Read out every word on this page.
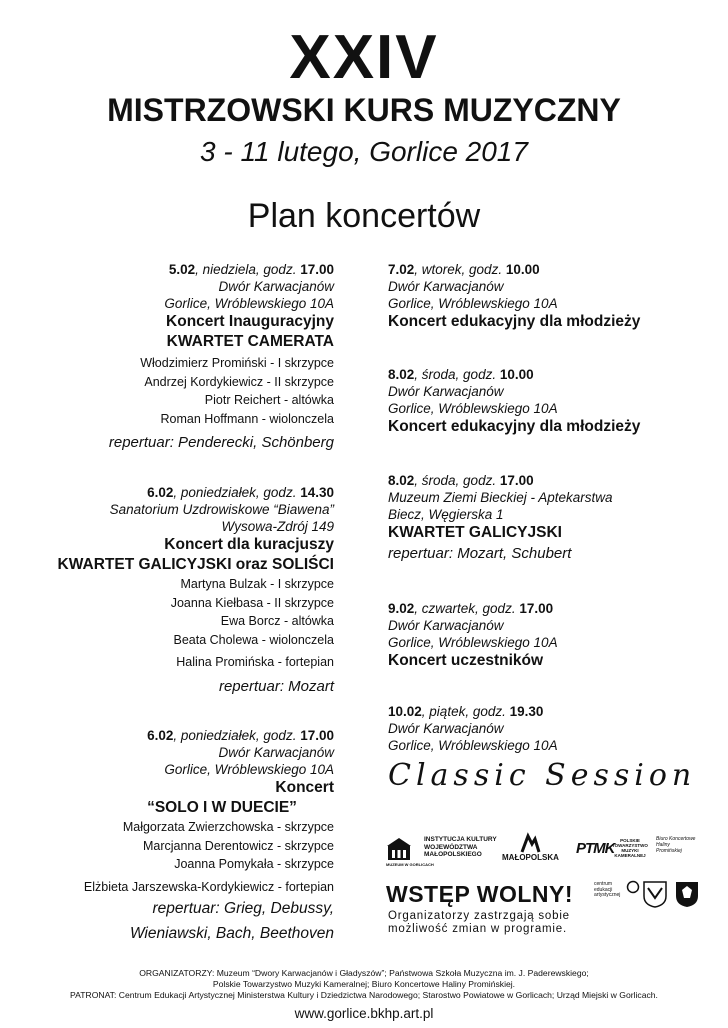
XXIV
MISTRZOWSKI KURS MUZYCZNY
3 - 11 lutego, Gorlice 2017
Plan koncertów
5.02, niedziela, godz. 17.00
Dwór Karwacjanów
Gorlice, Wróblewskiego 10A
Koncert Inauguracyjny
KWARTET CAMERATA
Włodzimierz Promiński - I skrzypce
Andrzej Kordykiewicz - II skrzypce
Piotr Reichert - altówka
Roman Hoffmann - wiolonczela
repertuar: Penderecki, Schönberg
6.02, poniedziałek, godz. 14.30
Sanatorium Uzdrowiskowe “Biawena”
Wysowa-Zdrój 149
Koncert dla kuracjuszy
KWARTET GALICYJSKI oraz SOLIŚCI
Martyna Bulzak - I skrzypce
Joanna Kiełbasa - II skrzypce
Ewa Borcz - altówka
Beata Cholewa - wiolonczela
Halina Promińska - fortepian
repertuar: Mozart
6.02, poniedziałek, godz. 17.00
Dwór Karwacjanów
Gorlice, Wróblewskiego 10A
Koncert
“SOLO I W DUECIE”
Małgorzata Zwierzchowska - skrzypce
Marcjanna Derentowicz - skrzypce
Joanna Pomykała - skrzypce
Elżbieta Jarszewska-Kordykiewicz - fortepian
repertuar: Grieg, Debussy,
Wieniawski, Bach, Beethoven
7.02, wtorek, godz. 10.00
Dwór Karwacjanów
Gorlice, Wróblewskiego 10A
Koncert edukacyjny dla młodzieży
8.02, środa, godz. 10.00
Dwór Karwacjanów
Gorlice, Wróblewskiego 10A
Koncert edukacyjny dla młodzieży
8.02, środa, godz. 17.00
Muzeum Ziemi Bieckiej - Aptekarstwa
Biecz, Węgierska 1
KWARTET GALICYJSKI
repertuar: Mozart, Schubert
9.02, czwartek, godz. 17.00
Dwór Karwacjanów
Gorlice, Wróblewskiego 10A
Koncert uczestników
10.02, piątek, godz. 19.30
Dwór Karwacjanów
Gorlice, Wróblewskiego 10A
Classic Session
MUZEUM W GORLICACH
INSTYTUCJA KULTURY
WOJEWÓDZTWA
MAŁOPOLSKIEGO	MAŁOPOLSKA
PTMK POLSKIE
TOWARZYSTWO
MUZYKI
KAMERALNEJ
Biuro Koncertowe Haliny Promińskiej
WSTĘP WOLNY!	centrum
edukacji
artystycznej
Organizatorzy zastrzgają sobie
możliwość zmian w programie.
ORGANIZATORZY: Muzeum “Dwory Karwacjanów i Gładyszów”; Państwowa Szkoła Muzyczna im. J. Paderewskiego;
Polskie Towarzystwo Muzyki Kameralnej; Biuro Koncertowe Haliny Promińskiej.
PATRONAT: Centrum Edukacji Artystycznej Ministerstwa Kultury i Dziedzictwa Narodowego; Starostwo Powiatowe w Gorlicach; Urząd Miejski w Gorlicach.
www.gorlice.bkhp.art.pl
